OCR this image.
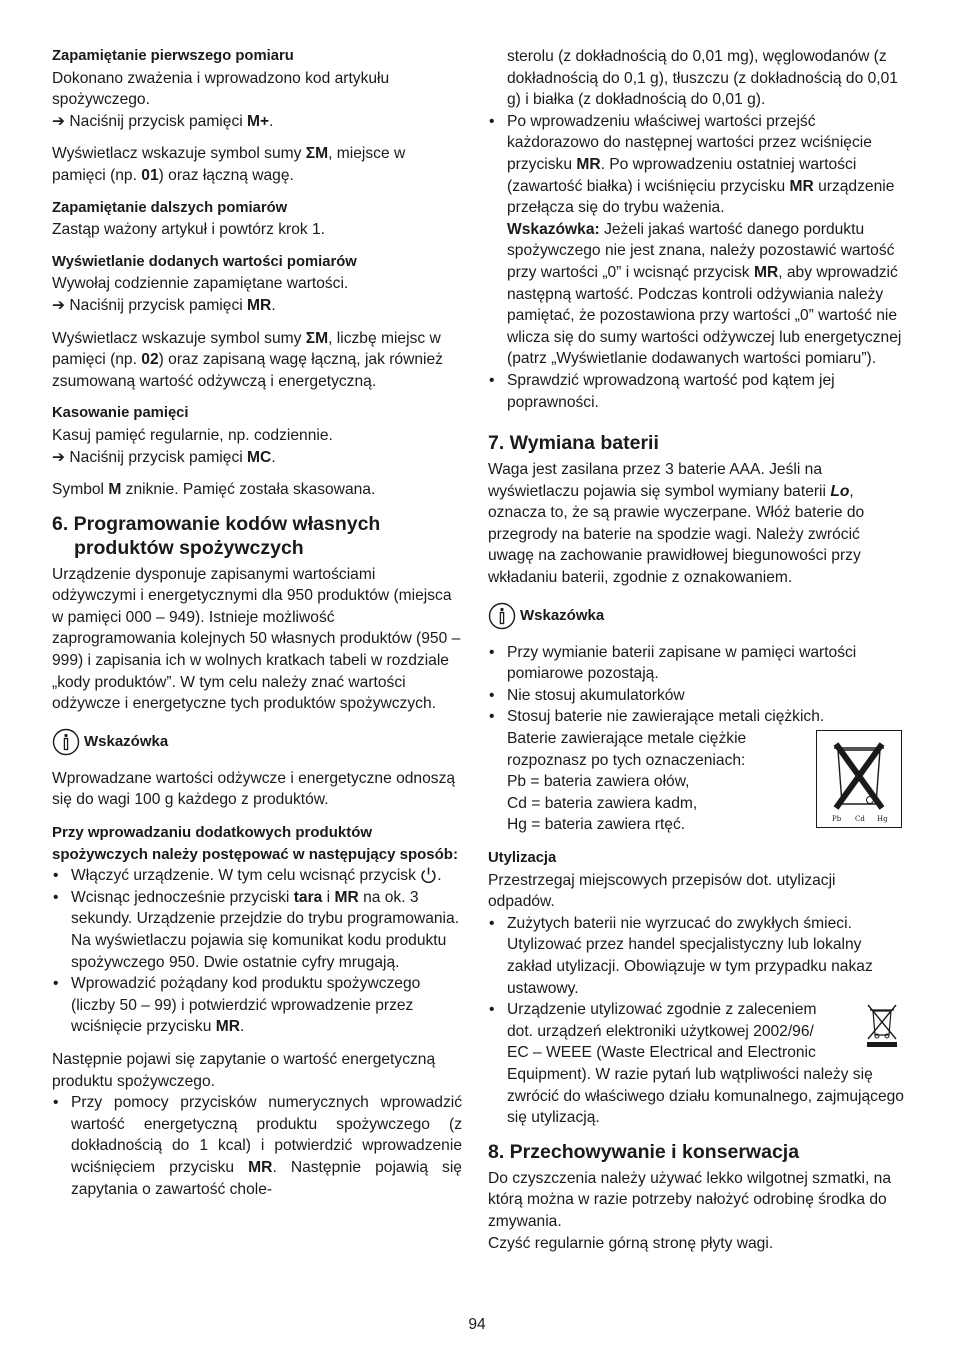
Zapamiętanie pierwszego pomiaru
Dokonano zważenia i wprowadzono kod artykułu spożywczego.

➔ Naciśnij przycisk pamięci M+.

Wyświetlacz wskazuje symbol sumy ΣM, miejsce w pamięci (np. 01) oraz łączną wagę.

Zapamiętanie dalszych pomiarów

Zastąp ważony artykuł i powtórz krok 1.

Wyświetlanie dodanych wartości pomiarów
Wywołaj codziennie zapamiętane wartości.

➔ Naciśnij przycisk pamięci MR.

Wyświetlacz wskazuje symbol sumy ΣM, liczbę miejsc w pamięci (np. 02) oraz zapisaną wagę łączną, jak również zsumowaną wartość odżywczą i energetyczną.

Kasowanie pamięci
Kasuj pamięć regularnie, np. codziennie.

➔ Naciśnij przycisk pamięci MC.

Symbol M zniknie. Pamięć została skasowana.

6. Programowanie kodów własnych
produktów spożywczych

Urządzenie dysponuje zapisanymi wartościami odżywczymi i energetycznymi dla 950 produktów (miejsca w pamięci 000 – 949). Istnieje możliwość zaprogramowania kolejnych 50 własnych produktów (950 – 999) i zapisania ich w wolnych kratkach tabeli w rozdziale „kody produktów”. W tym celu należy znać wartości odżywcze i energetyczne tych produktów spożywczych.

Wskazówka

Wprowadzane wartości odżywcze i energetyczne odnoszą się do wagi 100 g każdego z produktów.

Przy wprowadzaniu dodatkowych produktów spożywczych należy postępować w następujący sposób:
• Włączyć urządzenie. W tym celu wcisnąć przycisk .
• Wcisnąc jednocześnie przyciski tara i MR na ok. 3 sekundy. Urządzenie przejdzie do trybu programowania. Na wyświetlaczu pojawia się komunikat kodu produktu spożywczego 950. Dwie ostatnie cyfry mrugają.
• Wprowadzić pożądany kod produktu spożywczego (liczby 50 – 99) i potwierdzić wprowadzenie przez wciśnięcie przycisku MR.
Następnie pojawi się zapytanie o wartość energetyczną produktu spożywczego.
• Przy pomocy przycisków numerycznych wprowadzić wartość energetyczną produktu spożywczego (z dokładnością do 1 kcal) i potwierdzić wprowadzenie wciśnięciem przycisku MR. Następnie pojawią się zapytania o zawartość chole-
sterolu (z dokładnością do 0,01 mg), węglowodanów (z dokładnością do 0,1 g), tłuszczu (z dokładnością do 0,01 g) i białka (z dokładnością do 0,01 g).
• Po wprowadzeniu właściwej wartości przejść każdorazowo do następnej wartości przez wciśnięcie przycisku MR. Po wprowadzeniu ostatniej wartości (zawartość białka) i wciśnięciu przycisku MR urządzenie przełącza się do trybu ważenia.
Wskazówka: Jeżeli jakaś wartość danego porduktu spożywczego nie jest znana, należy pozostawić wartość przy wartości „0” i wcisnąć przycisk MR, aby wprowadzić następną wartość. Podczas kontroli odżywiania należy pamiętać, że pozostawiona przy wartości „0” wartość nie wlicza się do sumy wartości odżywczej lub energetycznej (patrz „Wyświetlanie dodawanych wartości pomiaru”).
• Sprawdzić wprowadzoną wartość pod kątem jej poprawności.
7. Wymiana baterii

Waga jest zasilana przez 3 baterie AAA. Jeśli na wyświetlaczu pojawia się symbol wymiany baterii Lo, oznacza to, że są prawie wyczerpane. Włóż baterie do przegrody na baterie na spodzie wagi. Należy zwrócić uwagę na zachowanie prawidłowej biegunowości przy wkładaniu baterii, zgodnie z oznakowaniem.

Wskazówka
• Przy wymianie baterii zapisane w pamięci wartości pomiarowe pozostają.
• Nie stosuj akumulatorków
• Stosuj baterie nie zawierające metali ciężkich.
Baterie zawierające metale ciężkie
rozpoznasz po tych oznaczeniach:
Pb = bateria zawiera ołów,
Cd = bateria zawiera kadm,
Hg = bateria zawiera rtęć.	Pb Cd Hg
Utylizacja
Przestrzegaj miejscowych przepisów dot. utylizacji odpadów.
• Zużytych baterii nie wyrzucać do zwykłych śmieci. Utylizować przez handel specjalistyczny lub lokalny zakład utylizacji. Obowiązuje w tym przypadku nakaz ustawowy.
• Urządzenie utylizować zgodnie z zaleceniem
dot. urządzeń elektroniki użytkowej 2002/96/
EC – WEEE (Waste Electrical and Electronic
Equipment). W razie pytań lub wątpliwości należy się zwrócić do właściwego działu komunalnego, zajmującego się utylizacją.
8. Przechowywanie i konserwacja
Do czyszczenia należy używać lekko wilgotnej szmatki, na którą można w razie potrzeby nałożyć odrobinę środka do zmywania.
Czyść regularnie górną stronę płyty wagi.
94
